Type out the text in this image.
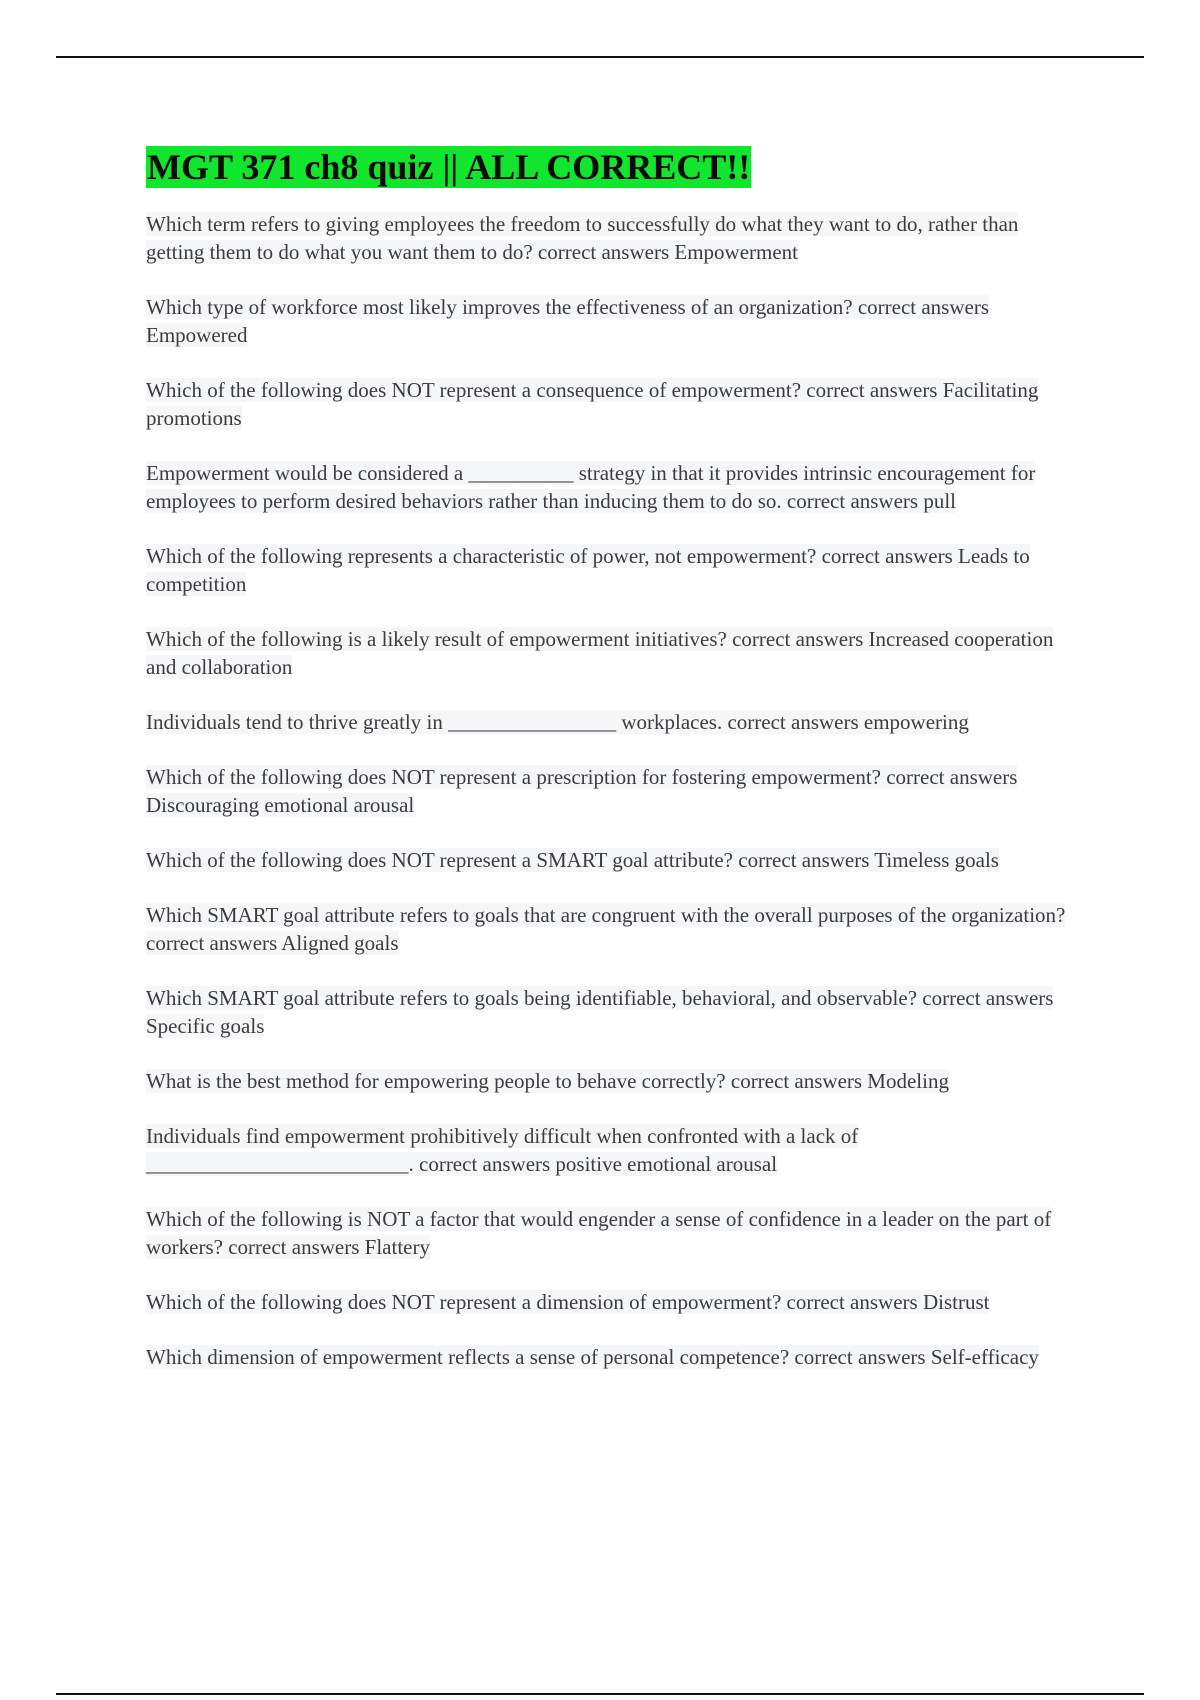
MGT 371 ch8 quiz || ALL CORRECT!!

Which term refers to giving employees the freedom to successfully do what they want to do, rather than getting them to do what you want them to do? correct answers Empowerment

Which type of workforce most likely improves the effectiveness of an organization? correct answers Empowered

Which of the following does NOT represent a consequence of empowerment? correct answers Facilitating promotions

Empowerment would be considered a __________ strategy in that it provides intrinsic encouragement for employees to perform desired behaviors rather than inducing them to do so. correct answers pull

Which of the following represents a characteristic of power, not empowerment? correct answers Leads to competition

Which of the following is a likely result of empowerment initiatives? correct answers Increased cooperation and collaboration

Individuals tend to thrive greatly in ________________ workplaces. correct answers empowering

Which of the following does NOT represent a prescription for fostering empowerment? correct answers Discouraging emotional arousal

Which of the following does NOT represent a SMART goal attribute? correct answers Timeless goals

Which SMART goal attribute refers to goals that are congruent with the overall purposes of the organization? correct answers Aligned goals

Which SMART goal attribute refers to goals being identifiable, behavioral, and observable? correct answers Specific goals

What is the best method for empowering people to behave correctly? correct answers Modeling

Individuals find empowerment prohibitively difficult when confronted with a lack of _________________________. correct answers positive emotional arousal

Which of the following is NOT a factor that would engender a sense of confidence in a leader on the part of workers? correct answers Flattery

Which of the following does NOT represent a dimension of empowerment? correct answers Distrust

Which dimension of empowerment reflects a sense of personal competence? correct answers Self-efficacy
